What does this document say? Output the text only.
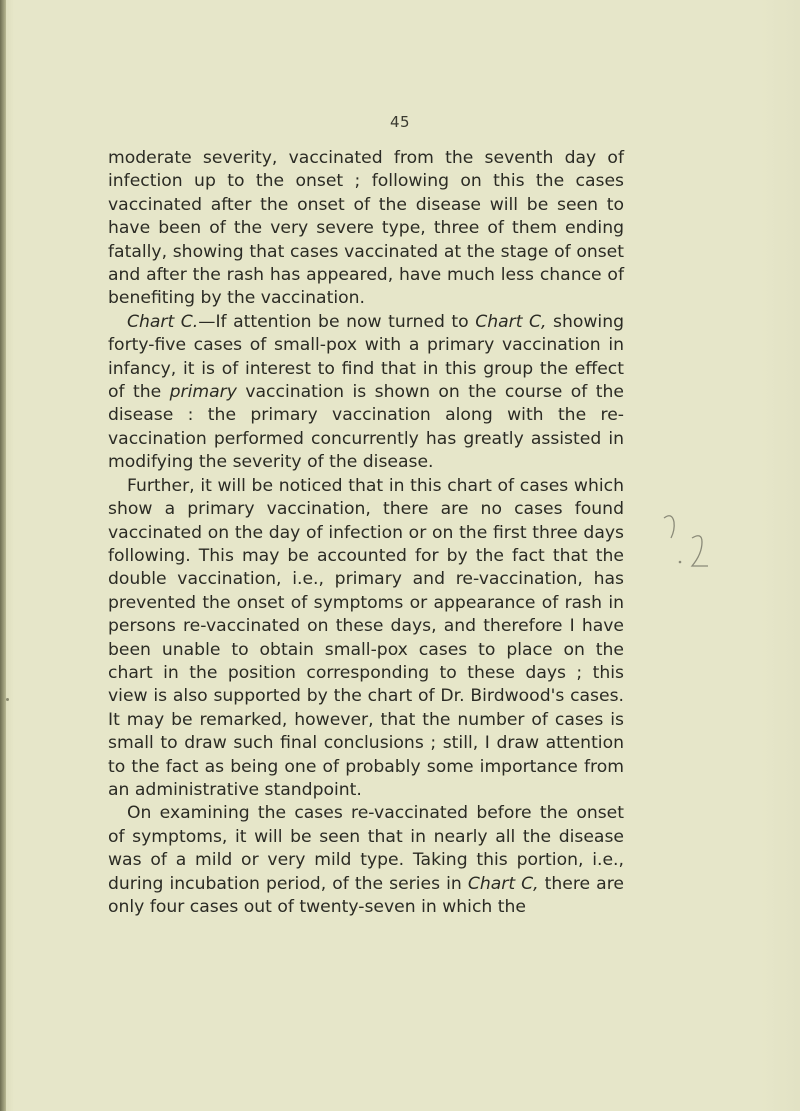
45

moderate severity, vaccinated from the seventh day of infection up to the onset ; following on this the cases vaccinated after the onset of the disease will be seen to have been of the very severe type, three of them ending fatally, showing that cases vaccinated at the stage of onset and after the rash has appeared, have much less chance of benefiting by the vaccination.

Chart C.—If attention be now turned to Chart C, showing forty-five cases of small-pox with a primary vaccination in infancy, it is of interest to find that in this group the effect of the primary vaccination is shown on the course of the disease : the primary vaccination along with the re-vaccination performed concurrently has greatly assisted in modifying the severity of the disease.

Further, it will be noticed that in this chart of cases which show a primary vaccination, there are no cases found vaccinated on the day of infection or on the first three days following. This may be accounted for by the fact that the double vaccination, i.e., primary and re-vaccination, has prevented the onset of symptoms or appearance of rash in persons re-vaccinated on these days, and therefore I have been unable to obtain small-pox cases to place on the chart in the position corresponding to these days ; this view is also supported by the chart of Dr. Birdwood's cases. It may be remarked, however, that the number of cases is small to draw such final conclusions ; still, I draw attention to the fact as being one of probably some importance from an administrative standpoint.

On examining the cases re-vaccinated before the onset of symptoms, it will be seen that in nearly all the disease was of a mild or very mild type. Taking this portion, i.e., during incubation period, of the series in Chart C, there are only four cases out of twenty-seven in which the
